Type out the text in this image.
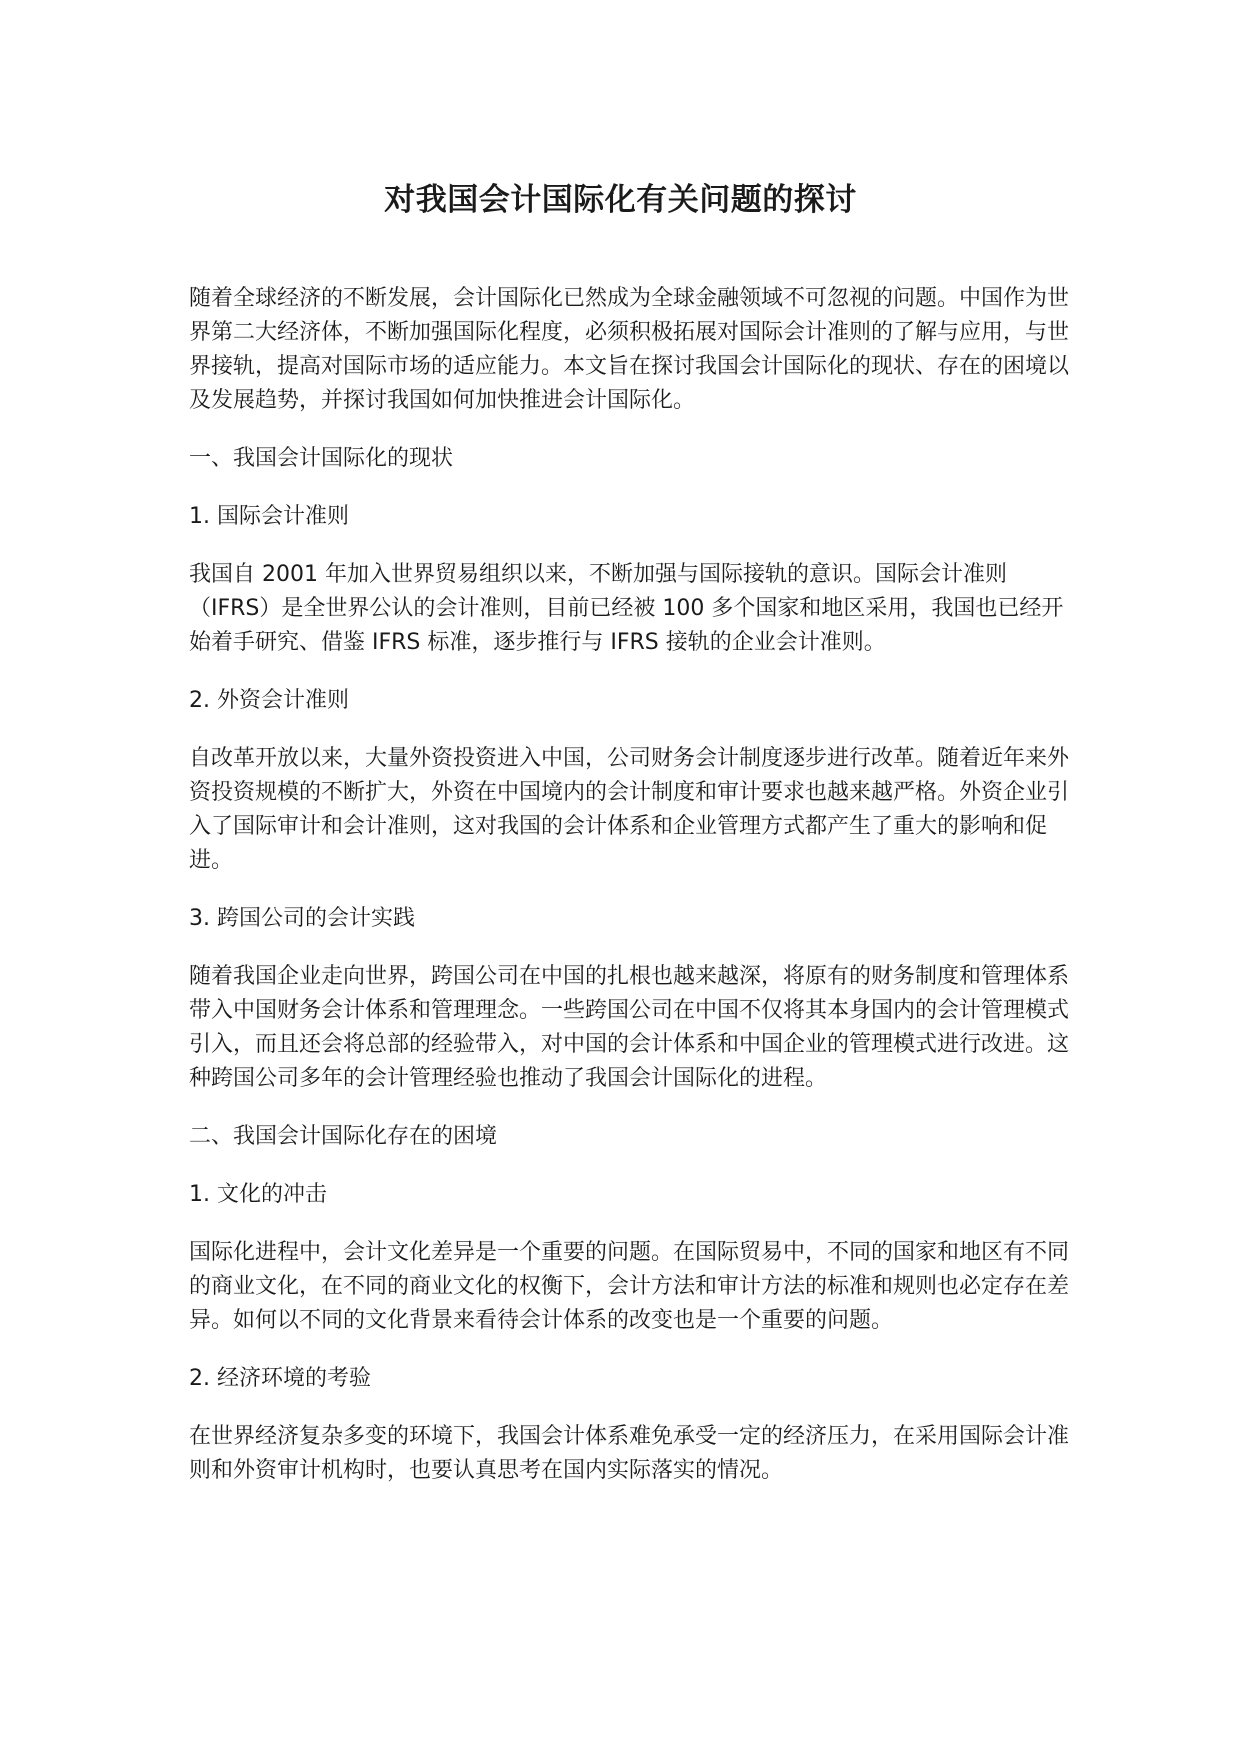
对我国会计国际化有关问题的探讨

随着全球经济的不断发展，会计国际化已然成为全球金融领域不可忽视的问题。中国作为世界第二大经济体，不断加强国际化程度，必须积极拓展对国际会计准则的了解与应用，与世界接轨，提高对国际市场的适应能力。本文旨在探讨我国会计国际化的现状、存在的困境以及发展趋势，并探讨我国如何加快推进会计国际化。

一、我国会计国际化的现状

1. 国际会计准则

我国自 2001 年加入世界贸易组织以来，不断加强与国际接轨的意识。国际会计准则（IFRS）是全世界公认的会计准则，目前已经被 100 多个国家和地区采用，我国也已经开始着手研究、借鉴 IFRS 标准，逐步推行与 IFRS 接轨的企业会计准则。

2. 外资会计准则

自改革开放以来，大量外资投资进入中国，公司财务会计制度逐步进行改革。随着近年来外资投资规模的不断扩大，外资在中国境内的会计制度和审计要求也越来越严格。外资企业引入了国际审计和会计准则，这对我国的会计体系和企业管理方式都产生了重大的影响和促进。

3. 跨国公司的会计实践

随着我国企业走向世界，跨国公司在中国的扎根也越来越深，将原有的财务制度和管理体系带入中国财务会计体系和管理理念。一些跨国公司在中国不仅将其本身国内的会计管理模式引入，而且还会将总部的经验带入，对中国的会计体系和中国企业的管理模式进行改进。这种跨国公司多年的会计管理经验也推动了我国会计国际化的进程。

二、我国会计国际化存在的困境

1. 文化的冲击

国际化进程中，会计文化差异是一个重要的问题。在国际贸易中，不同的国家和地区有不同的商业文化，在不同的商业文化的权衡下，会计方法和审计方法的标准和规则也必定存在差异。如何以不同的文化背景来看待会计体系的改变也是一个重要的问题。

2. 经济环境的考验

在世界经济复杂多变的环境下，我国会计体系难免承受一定的经济压力，在采用国际会计准则和外资审计机构时，也要认真思考在国内实际落实的情况。
